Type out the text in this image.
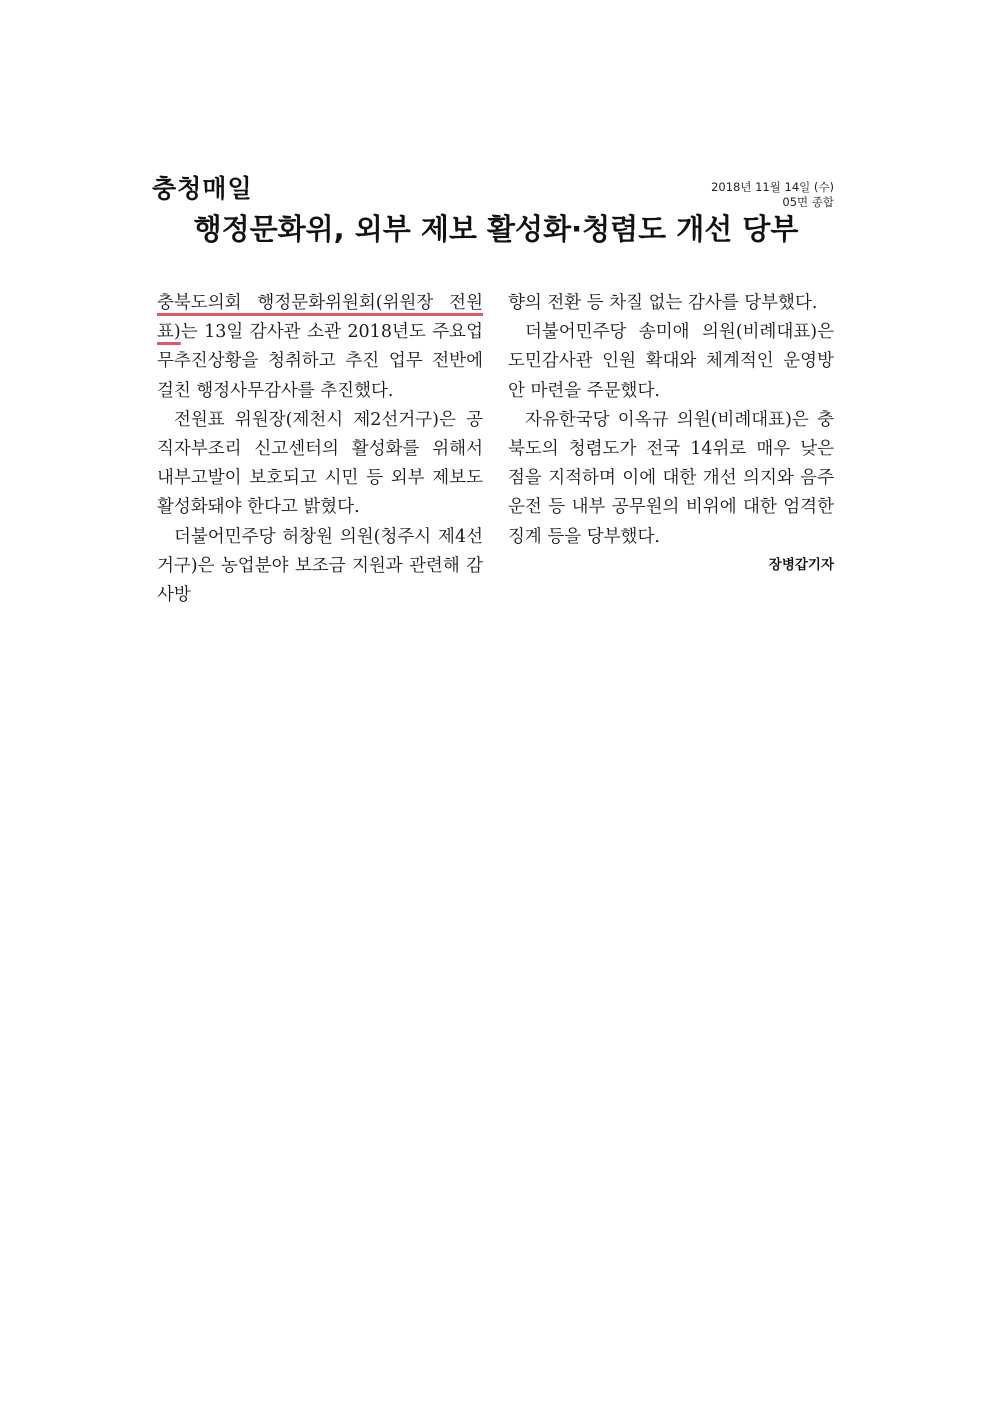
충청매일	2018년 11월 14일 (수)
05면 종합
행정문화위, 외부 제보 활성화·청렴도 개선 당부

충북도의회 행정문화위원회(위원장 전원표)는 13일 감사관 소관 2018년도 주요업무추진상황을 청취하고 추진 업무 전반에 걸친 행정사무감사를 추진했다.

전원표 위원장(제천시 제2선거구)은 공직자부조리 신고센터의 활성화를 위해서 내부고발이 보호되고 시민 등 외부 제보도 활성화돼야 한다고 밝혔다.

더불어민주당 허창원 의원(청주시 제4선거구)은 농업분야 보조금 지원과 관련해 감사방

향의 전환 등 차질 없는 감사를 당부했다.

더불어민주당 송미애 의원(비례대표)은 도민감사관 인원 확대와 체계적인 운영방안 마련을 주문했다.

자유한국당 이옥규 의원(비례대표)은 충북도의 청렴도가 전국 14위로 매우 낮은 점을 지적하며 이에 대한 개선 의지와 음주운전 등 내부 공무원의 비위에 대한 엄격한 징계 등을 당부했다.

장병갑기자
